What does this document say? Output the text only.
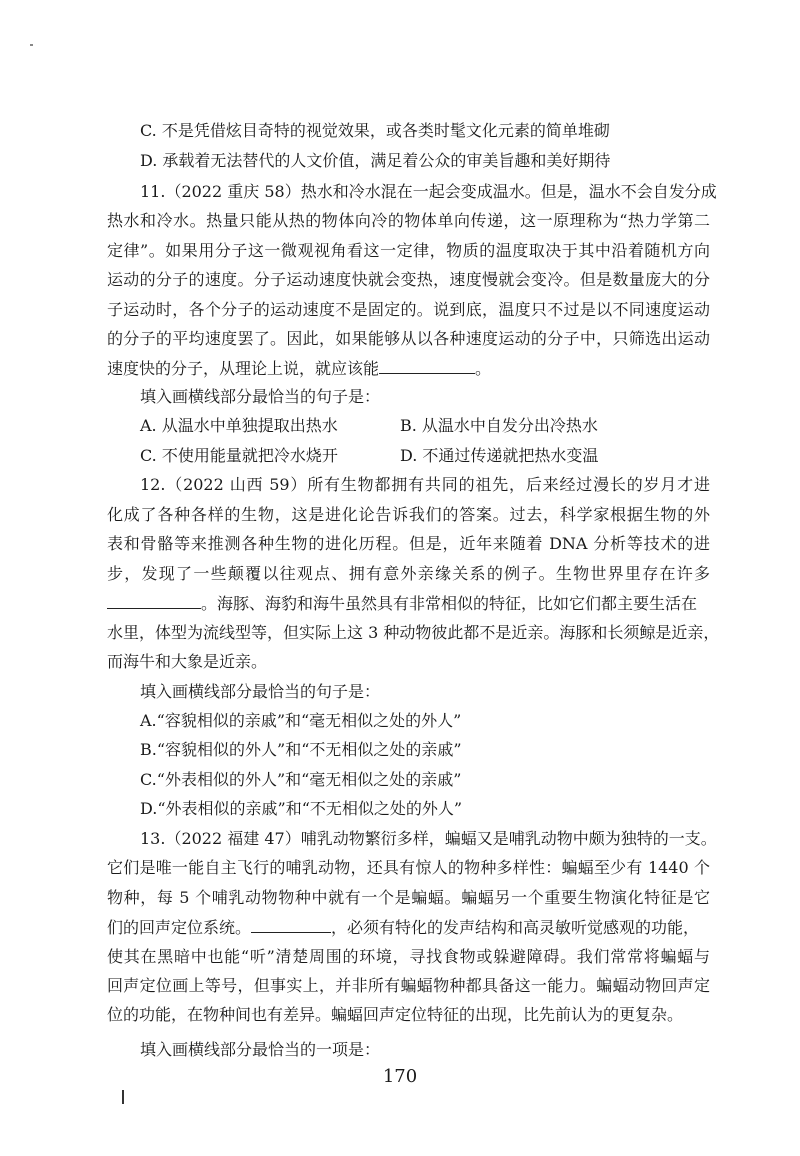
C. 不是凭借炫目奇特的视觉效果，或各类时髦文化元素的简单堆砌
D. 承载着无法替代的人文价值，满足着公众的审美旨趣和美好期待
11.（2022 重庆 58）热水和冷水混在一起会变成温水。但是，温水不会自发分成
热水和冷水。热量只能从热的物体向冷的物体单向传递，这一原理称为“热力学第二
定律”。如果用分子这一微观视角看这一定律，物质的温度取决于其中沿着随机方向
运动的分子的速度。分子运动速度快就会变热，速度慢就会变冷。但是数量庞大的分
子运动时，各个分子的运动速度不是固定的。说到底，温度只不过是以不同速度运动
的分子的平均速度罢了。因此，如果能够从以各种速度运动的分子中，只筛选出运动
速度快的分子，从理论上说，就应该能	。
填入画横线部分最恰当的句子是：
A. 从温水中单独提取出热水	B. 从温水中自发分出冷热水
C. 不使用能量就把冷水烧开	D. 不通过传递就把热水变温
12.（2022 山西 59）所有生物都拥有共同的祖先，后来经过漫长的岁月才进
化成了各种各样的生物，这是进化论告诉我们的答案。过去，科学家根据生物的外
表和骨骼等来推测各种生物的进化历程。但是，近年来随着 DNA 分析等技术的进
步，发现了一些颠覆以往观点、拥有意外亲缘关系的例子。生物世界里存在许多
。海豚、海豹和海牛虽然具有非常相似的特征，比如它们都主要生活在
水里，体型为流线型等，但实际上这 3 种动物彼此都不是近亲。海豚和长须鲸是近亲，
而海牛和大象是近亲。
填入画横线部分最恰当的句子是：
A.“容貌相似的亲戚”和“毫无相似之处的外人”
B.“容貌相似的外人”和“不无相似之处的亲戚”
C.“外表相似的外人”和“毫无相似之处的亲戚”
D.“外表相似的亲戚”和“不无相似之处的外人”
13.（2022 福建 47）哺乳动物繁衍多样，蝙蝠又是哺乳动物中颇为独特的一支。
它们是唯一能自主飞行的哺乳动物，还具有惊人的物种多样性：蝙蝠至少有 1440 个
物种，每 5 个哺乳动物物种中就有一个是蝙蝠。蝙蝠另一个重要生物演化特征是它
们的回声定位系统。	，必须有特化的发声结构和高灵敏听觉感观的功能，
使其在黑暗中也能“听”清楚周围的环境，寻找食物或躲避障碍。我们常常将蝙蝠与
回声定位画上等号，但事实上，并非所有蝙蝠物种都具备这一能力。蝙蝠动物回声定
位的功能，在物种间也有差异。蝙蝠回声定位特征的出现，比先前认为的更复杂。
填入画横线部分最恰当的一项是：
170
